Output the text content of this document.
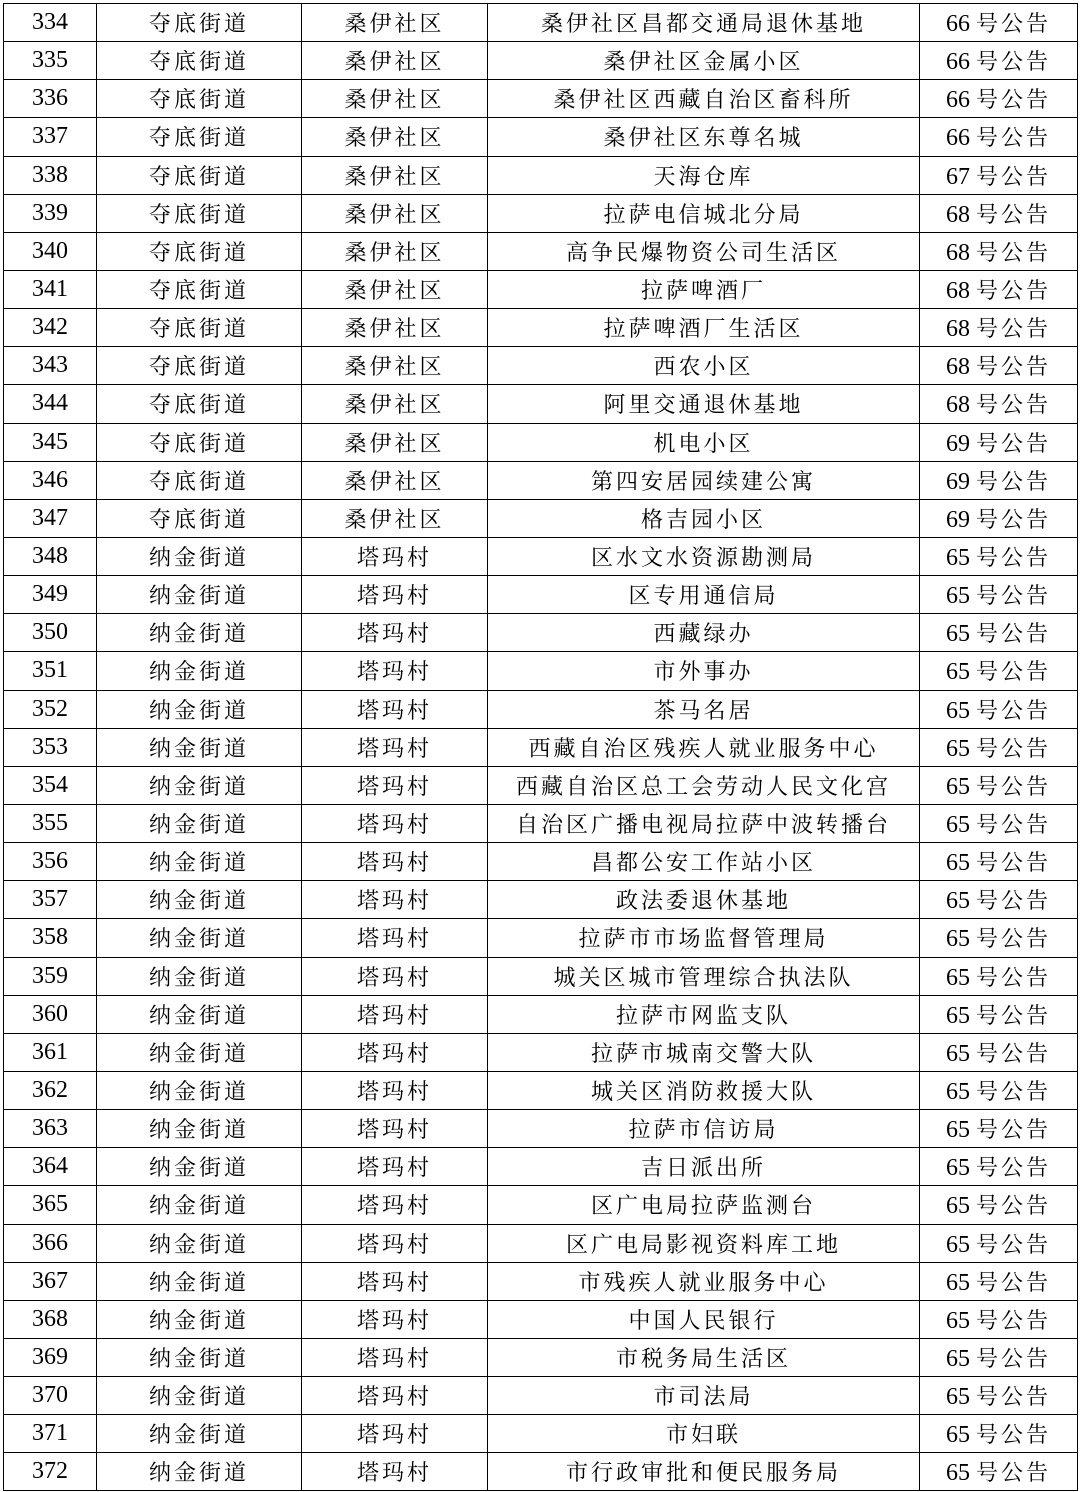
334	夺底街道	桑伊社区	桑伊社区昌都交通局退休基地	66 号公告
335	夺底街道	桑伊社区	桑伊社区金属小区	66 号公告
336	夺底街道	桑伊社区	桑伊社区西藏自治区畜科所	66 号公告
337	夺底街道	桑伊社区	桑伊社区东尊名城	66 号公告
338	夺底街道	桑伊社区	天海仓库	67 号公告
339	夺底街道	桑伊社区	拉萨电信城北分局	68 号公告
340	夺底街道	桑伊社区	高争民爆物资公司生活区	68 号公告
341	夺底街道	桑伊社区	拉萨啤酒厂	68 号公告
342	夺底街道	桑伊社区	拉萨啤酒厂生活区	68 号公告
343	夺底街道	桑伊社区	西农小区	68 号公告
344	夺底街道	桑伊社区	阿里交通退休基地	68 号公告
345	夺底街道	桑伊社区	机电小区	69 号公告
346	夺底街道	桑伊社区	第四安居园续建公寓	69 号公告
347	夺底街道	桑伊社区	格吉园小区	69 号公告
348	纳金街道	塔玛村	区水文水资源勘测局	65 号公告
349	纳金街道	塔玛村	区专用通信局	65 号公告
350	纳金街道	塔玛村	西藏绿办	65 号公告
351	纳金街道	塔玛村	市外事办	65 号公告
352	纳金街道	塔玛村	茶马名居	65 号公告
353	纳金街道	塔玛村	西藏自治区残疾人就业服务中心	65 号公告
354	纳金街道	塔玛村	西藏自治区总工会劳动人民文化宫	65 号公告
355	纳金街道	塔玛村	自治区广播电视局拉萨中波转播台	65 号公告
356	纳金街道	塔玛村	昌都公安工作站小区	65 号公告
357	纳金街道	塔玛村	政法委退休基地	65 号公告
358	纳金街道	塔玛村	拉萨市市场监督管理局	65 号公告
359	纳金街道	塔玛村	城关区城市管理综合执法队	65 号公告
360	纳金街道	塔玛村	拉萨市网监支队	65 号公告
361	纳金街道	塔玛村	拉萨市城南交警大队	65 号公告
362	纳金街道	塔玛村	城关区消防救援大队	65 号公告
363	纳金街道	塔玛村	拉萨市信访局	65 号公告
364	纳金街道	塔玛村	吉日派出所	65 号公告
365	纳金街道	塔玛村	区广电局拉萨监测台	65 号公告
366	纳金街道	塔玛村	区广电局影视资料库工地	65 号公告
367	纳金街道	塔玛村	市残疾人就业服务中心	65 号公告
368	纳金街道	塔玛村	中国人民银行	65 号公告
369	纳金街道	塔玛村	市税务局生活区	65 号公告
370	纳金街道	塔玛村	市司法局	65 号公告
371	纳金街道	塔玛村	市妇联	65 号公告
372	纳金街道	塔玛村	市行政审批和便民服务局	65 号公告
